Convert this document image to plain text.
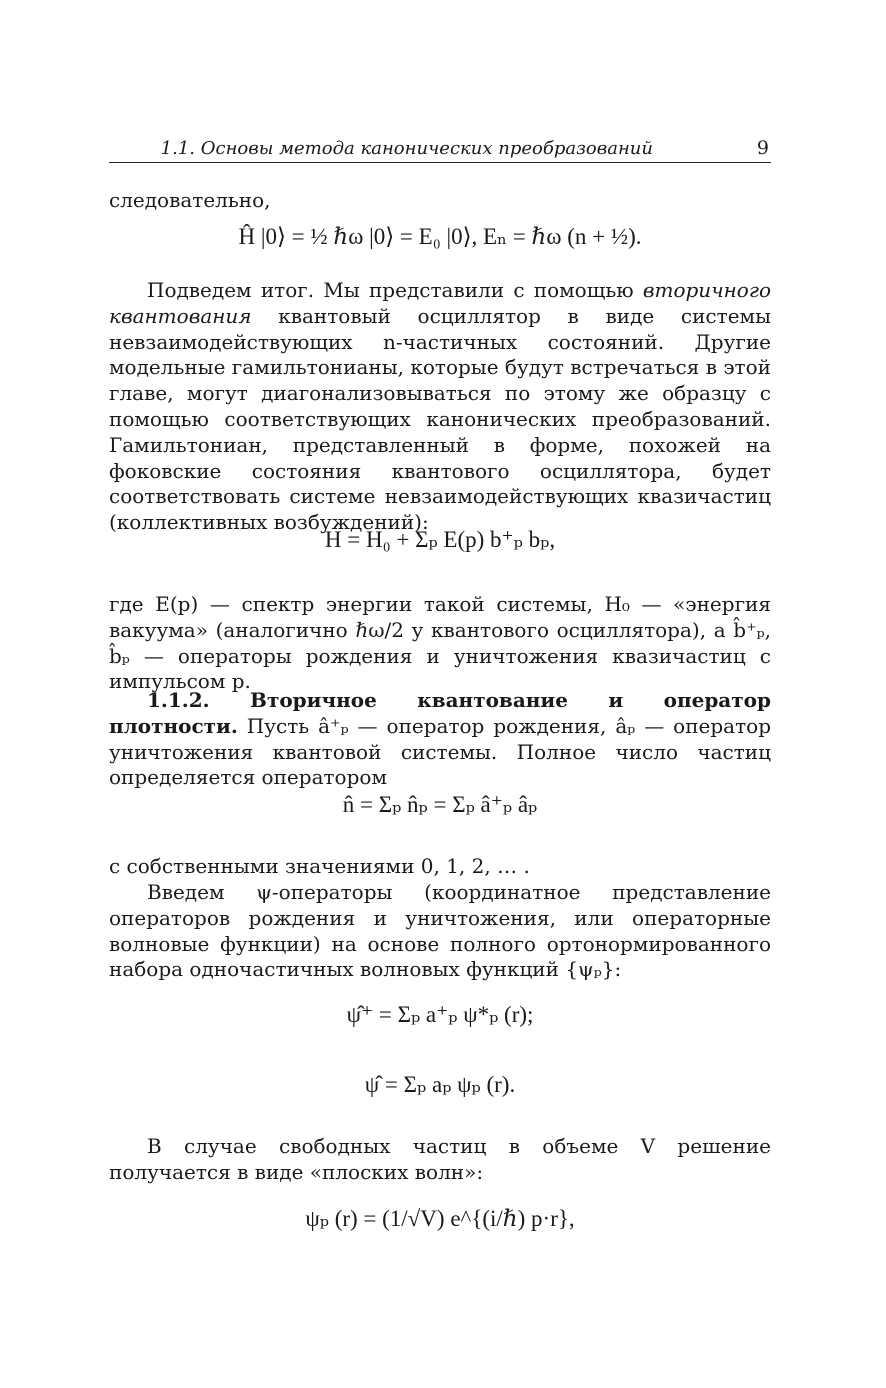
1.1. Основы метода канонических преобразований	9
следовательно,
Ĥ |0⟩ = ½ ℏω |0⟩ = E₀ |0⟩, Eₙ = ℏω (n + ½).
Подведем итог. Мы представили с помощью вторичного квантования квантовый осциллятор в виде системы невзаимодействующих n-частичных состояний. Другие модельные гамильтонианы, которые будут встречаться в этой главе, могут диагонализовываться по этому же образцу с помощью соответствующих канонических преобразований. Гамильтониан, представленный в форме, похожей на фоковские состояния квантового осциллятора, будет соответствовать системе невзаимодействующих квазичастиц (коллективных возбуждений):
H = H₀ + Σₚ E(p) b⁺ₚ bₚ,
где E(p) — спектр энергии такой системы, H₀ — «энергия вакуума» (аналогично ℏω/2 у квантового осциллятора), а b̂⁺ₚ, b̂ₚ — операторы рождения и уничтожения квазичастиц с импульсом p.
1.1.2. Вторичное квантование и оператор плотности. Пусть â⁺ₚ — оператор рождения, âₚ — оператор уничтожения квантовой системы. Полное число частиц определяется оператором
n̂ = Σₚ n̂ₚ = Σₚ â⁺ₚ âₚ
с собственными значениями 0, 1, 2, … .
Введем ψ-операторы (координатное представление операторов рождения и уничтожения, или операторные волновые функции) на основе полного ортонормированного набора одночастичных волновых функций {ψₚ}:
ψ̂⁺ = Σₚ a⁺ₚ ψ*ₚ (r);
ψ̂ = Σₚ aₚ ψₚ (r).
В случае свободных частиц в объеме V решение получается в виде «плоских волн»:
ψₚ (r) = (1/√V) e^{(i/ℏ) p·r},
